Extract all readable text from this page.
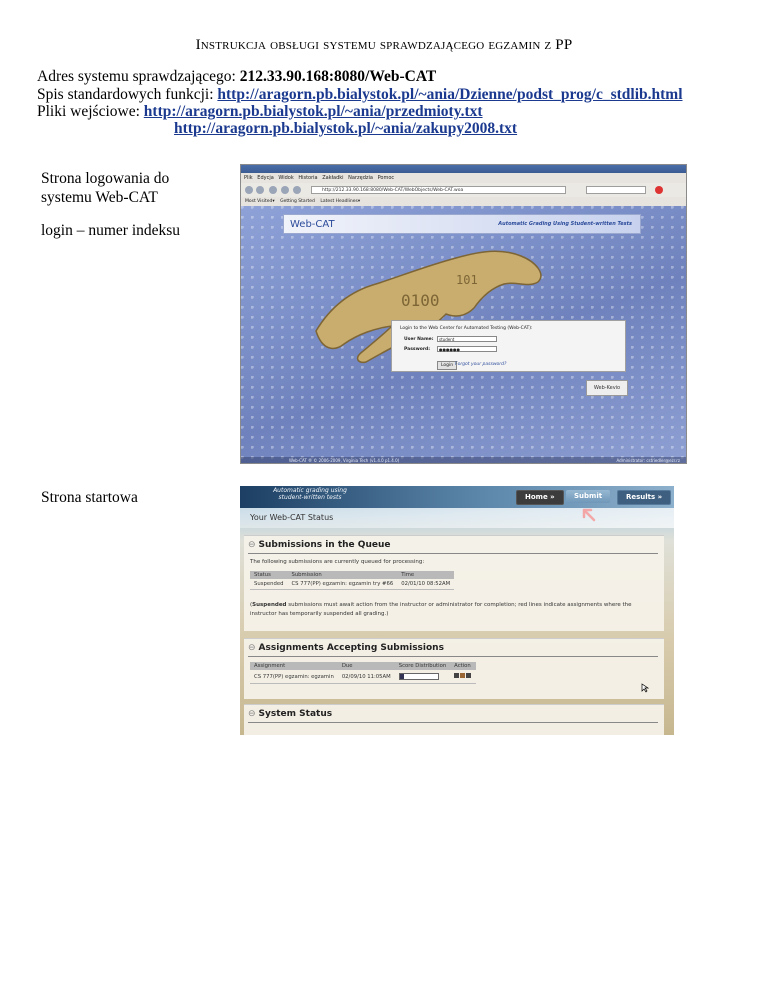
Instrukcja obsługi systemu sprawdzającego egzamin z PP
Adres systemu sprawdzającego: 212.33.90.168:8080/Web-CAT
Spis standardowych funkcji: http://aragorn.pb.bialystok.pl/~ania/Dzienne/podst_prog/c_stdlib.html
Pliki wejściowe: http://aragorn.pb.bialystok.pl/~ania/przedmioty.txt
http://aragorn.pb.bialystok.pl/~ania/zakupy2008.txt
Strona logowania do systemu Web-CAT
login – numer indeksu
Strona startowa
Plik Edycja Widok Historia Zakładki Narzędzia Pomoc
http://212.33.90.168:8080/Web-CAT/WebObjects/Web-CAT.woa
Most Visited▾ Getting Started Latest Headlines▾
Web-CAT	Automatic Grading Using Student-written Tests
0100
101
Login to the Web Center for Automated Testing (Web-CAT):
User Name:	student
Password:	●●●●●●
Login Forgot your password?
Web-Kevio
Web-CAT ® © 2006-2009, Virginia Tech (v1.4.0 p1.4.0)	Administrator: cstriedler@ezr.rz
Automatic grading using student-written tests	Home »	Submit	Results »
Your Web-CAT Status
⊖ Submissions in the Queue
The following submissions are currently queued for processing:
Status	Submission	Time
Suspended	CS 777(PP) egzamin: egzamin try #66	02/01/10 08:52AM
(Suspended submissions must await action from the instructor or administrator for completion; red lines indicate assignments where the
instructor has temporarily suspended all grading.)
⊖ Assignments Accepting Submissions
Assignment	Due	Score Distribution	Action
CS 777(PP) egzamin: egzamin	02/09/10 11:05AM	

⊖ System Status
